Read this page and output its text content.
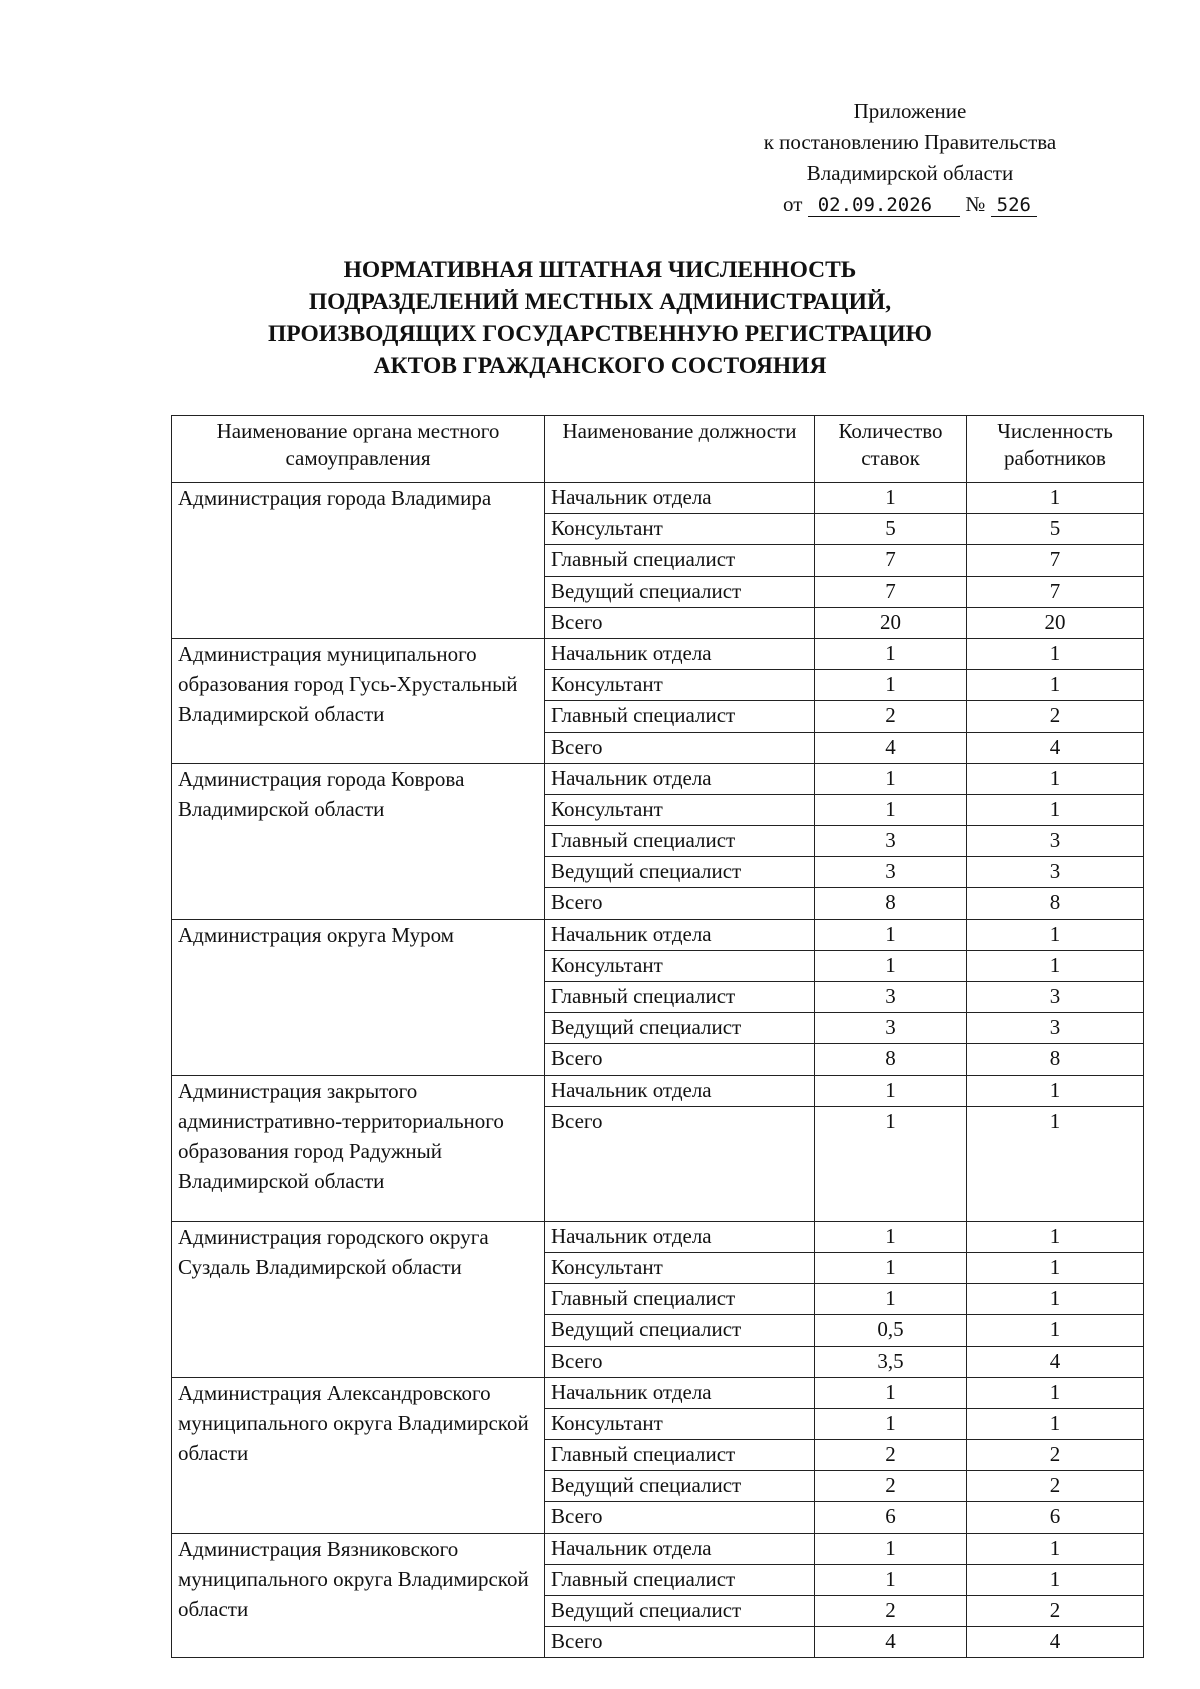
Приложение
к постановлению Правительства
Владимирской области
от 02.09.2026 № 526
НОРМАТИВНАЯ ШТАТНАЯ ЧИСЛЕННОСТЬ
ПОДРАЗДЕЛЕНИЙ МЕСТНЫХ АДМИНИСТРАЦИЙ,
ПРОИЗВОДЯЩИХ ГОСУДАРСТВЕННУЮ РЕГИСТРАЦИЮ
АКТОВ ГРАЖДАНСКОГО СОСТОЯНИЯ
Наименование органа местного самоуправления	Наименование должности	Количество ставок	Численность работников
Администрация города Владимира	Начальник отдела	1	1
	Консультант	5	5
	Главный специалист	7	7
	Ведущий специалист	7	7
	Всего	20	20
Администрация муниципального образования город Гусь-Хрустальный Владимирской области	Начальник отдела	1	1
	Консультант	1	1
	Главный специалист	2	2
	Всего	4	4
Администрация города Коврова Владимирской области	Начальник отдела	1	1
	Консультант	1	1
	Главный специалист	3	3
	Ведущий специалист	3	3
	Всего	8	8
Администрация округа Муром	Начальник отдела	1	1
	Консультант	1	1
	Главный специалист	3	3
	Ведущий специалист	3	3
	Всего	8	8
Администрация закрытого административно-территориального образования город Радужный Владимирской области	Начальник отдела	1	1
	Всего	1	1
Администрация городского округа Суздаль Владимирской области	Начальник отдела	1	1
	Консультант	1	1
	Главный специалист	1	1
	Ведущий специалист	0,5	1
	Всего	3,5	4
Администрация Александровского муниципального округа Владимирской области	Начальник отдела	1	1
	Консультант	1	1
	Главный специалист	2	2
	Ведущий специалист	2	2
	Всего	6	6
Администрация Вязниковского муниципального округа Владимирской области	Начальник отдела	1	1
	Главный специалист	1	1
	Ведущий специалист	2	2
	Всего	4	4
